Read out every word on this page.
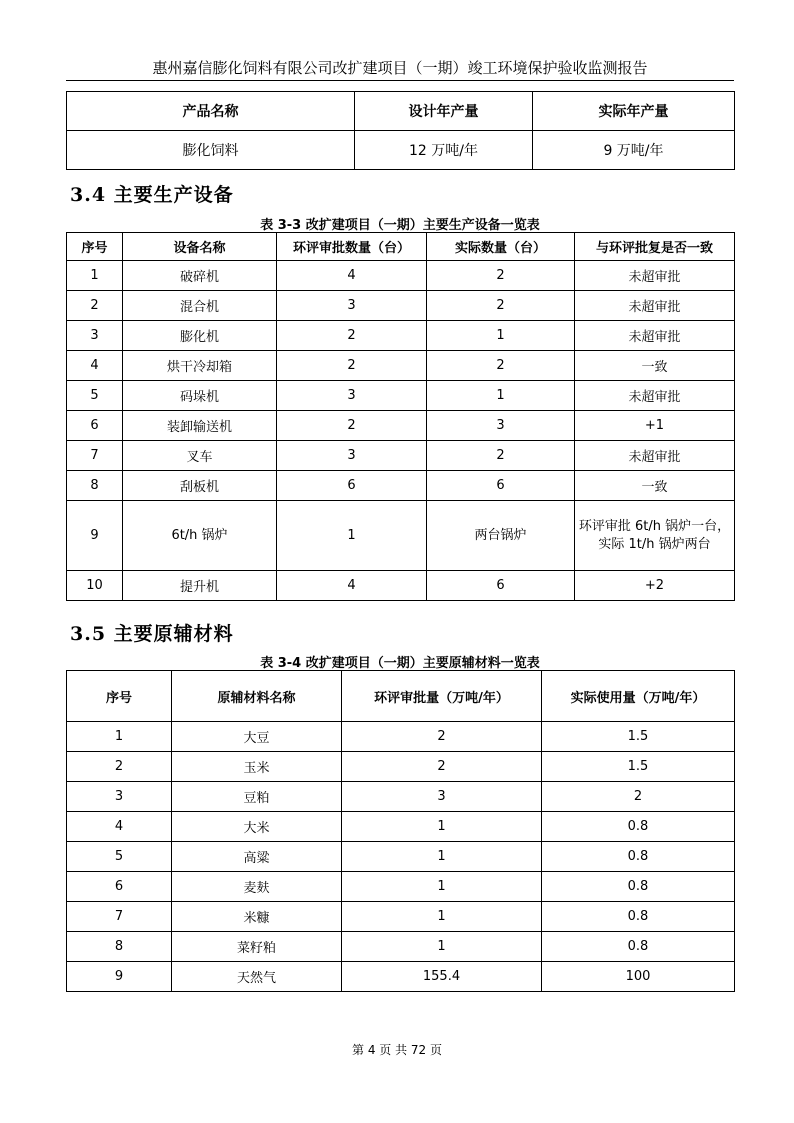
惠州嘉信膨化饲料有限公司改扩建项目（一期）竣工环境保护验收监测报告
产品名称	设计年产量	实际年产量
膨化饲料	12 万吨/年	9 万吨/年
3.4 主要生产设备
表 3-3 改扩建项目（一期）主要生产设备一览表
序号	设备名称	环评审批数量（台）	实际数量（台）	与环评批复是否一致
1	破碎机	4	2	未超审批
2	混合机	3	2	未超审批
3	膨化机	2	1	未超审批
4	烘干冷却箱	2	2	一致
5	码垛机	3	1	未超审批
6	装卸输送机	2	3	+1
7	叉车	3	2	未超审批
8	刮板机	6	6	一致
9	6t/h 锅炉	1	两台锅炉	环评审批 6t/h 锅炉一台，实际 1t/h 锅炉两台
10	提升机	4	6	+2
3.5 主要原辅材料
表 3-4 改扩建项目（一期）主要原辅材料一览表
序号	原辅材料名称	环评审批量（万吨/年）	实际使用量（万吨/年）
1	大豆	2	1.5
2	玉米	2	1.5
3	豆粕	3	2
4	大米	1	0.8
5	高粱	1	0.8
6	麦麸	1	0.8
7	米糠	1	0.8
8	菜籽粕	1	0.8
9	天然气	155.4	100
第 4 页 共 72 页
